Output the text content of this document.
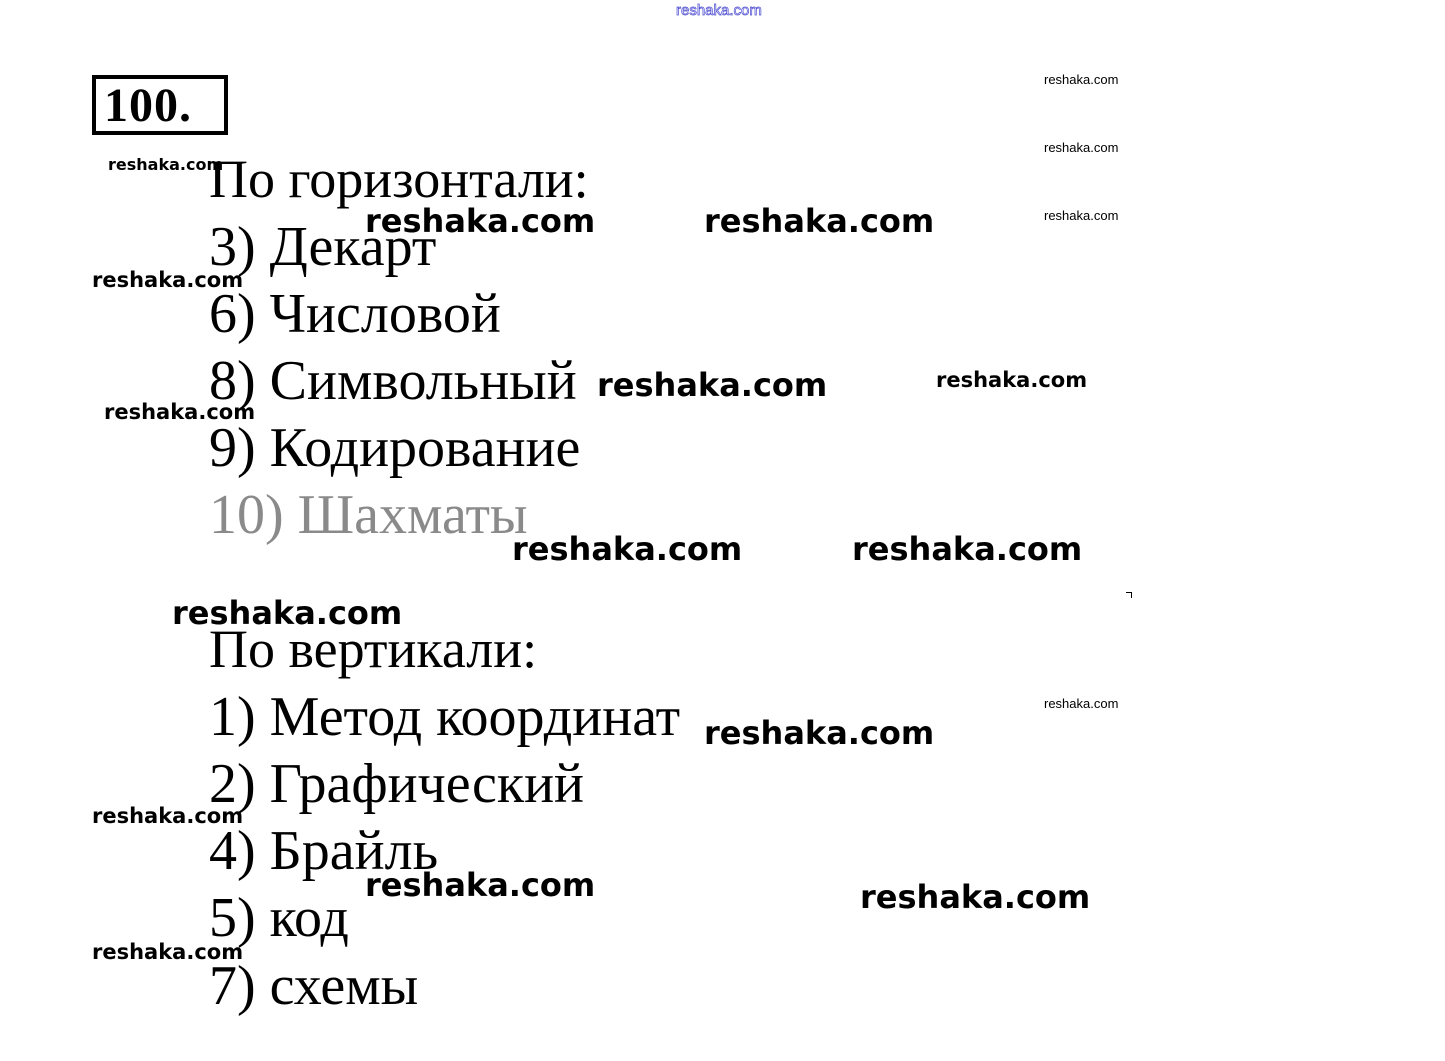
reshaka.com
100.
По горизонтали:
3) Декарт
6) Числовой
8) Символьный
9) Кодирование
10) Шахматы
По вертикали:
1) Метод координат
2) Графический
4) Брайль
5) код
7) схемы
reshaka.com
reshaka.com
reshaka.com
reshaka.com
reshaka.com
reshaka.com
reshaka.com
reshaka.com
reshaka.com
reshaka.com
reshaka.com	reshaka.com
reshaka.com
reshaka.com	reshaka.com
reshaka.com
reshaka.com
reshaka.com	reshaka.com
